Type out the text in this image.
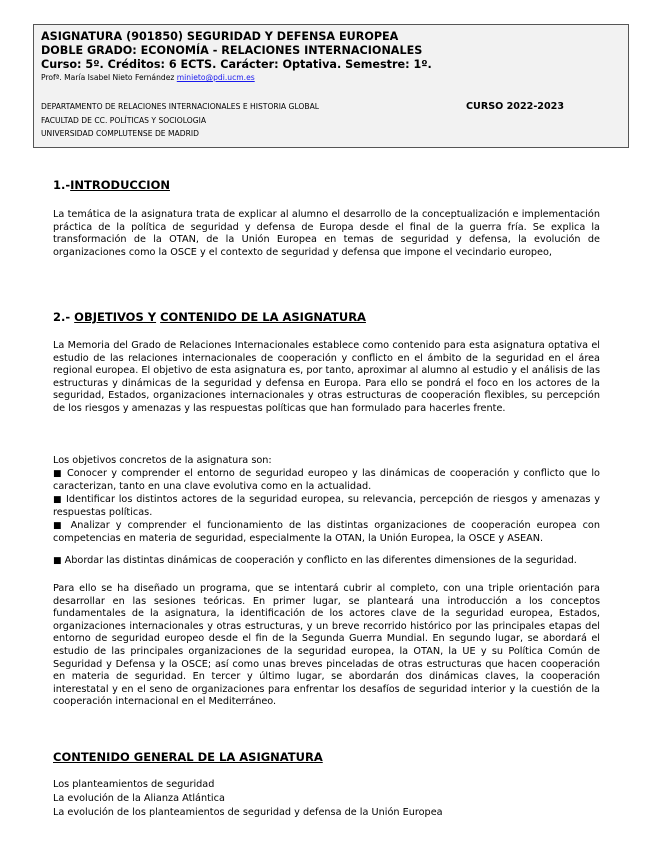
ASIGNATURA (901850) SEGURIDAD Y DEFENSA EUROPEA
DOBLE GRADO: ECONOMÍA - RELACIONES INTERNACIONALES
Curso: 5º. Créditos: 6 ECTS. Carácter: Optativa. Semestre: 1º.
Profª. María Isabel Nieto Fernández minieto@pdi.ucm.es
DEPARTAMENTO DE RELACIONES INTERNACIONALES E HISTORIA GLOBAL	CURSO 2022-2023
FACULTAD DE CC. POLÍTICAS Y SOCIOLOGIA
UNIVERSIDAD COMPLUTENSE DE MADRID
1.-INTRODUCCION

La temática de la asignatura trata de explicar al alumno el desarrollo de la conceptualización e implementación práctica de la política de seguridad y defensa de Europa desde el final de la guerra fría. Se explica la transformación de la OTAN, de la Unión Europea en temas de seguridad y defensa, la evolución de organizaciones como la OSCE y el contexto de seguridad y defensa que impone el vecindario europeo,

2.- OBJETIVOS Y CONTENIDO DE LA ASIGNATURA

La Memoria del Grado de Relaciones Internacionales establece como contenido para esta asignatura optativa el estudio de las relaciones internacionales de cooperación y conflicto en el ámbito de la seguridad en el área regional europea. El objetivo de esta asignatura es, por tanto, aproximar al alumno al estudio y el análisis de las estructuras y dinámicas de la seguridad y defensa en Europa. Para ello se pondrá el foco en los actores de la seguridad, Estados, organizaciones internacionales y otras estructuras de cooperación flexibles, su percepción de los riesgos y amenazas y las respuestas políticas que han formulado para hacerles frente.

Los objetivos concretos de la asignatura son:

■ Conocer y comprender el entorno de seguridad europeo y las dinámicas de cooperación y conflicto que lo caracterizan, tanto en una clave evolutiva como en la actualidad.

■ Identificar los distintos actores de la seguridad europea, su relevancia, percepción de riesgos y amenazas y respuestas políticas.

■ Analizar y comprender el funcionamiento de las distintas organizaciones de cooperación europea con competencias en materia de seguridad, especialmente la OTAN, la Unión Europea, la OSCE y ASEAN.

■ Abordar las distintas dinámicas de cooperación y conflicto en las diferentes dimensiones de la seguridad.

Para ello se ha diseñado un programa, que se intentará cubrir al completo, con una triple orientación para desarrollar en las sesiones teóricas. En primer lugar, se planteará una introducción a los conceptos fundamentales de la asignatura, la identificación de los actores clave de la seguridad europea, Estados, organizaciones internacionales y otras estructuras, y un breve recorrido histórico por las principales etapas del entorno de seguridad europeo desde el fin de la Segunda Guerra Mundial. En segundo lugar, se abordará el estudio de las principales organizaciones de la seguridad europea, la OTAN, la UE y su Política Común de Seguridad y Defensa y la OSCE; así como unas breves pinceladas de otras estructuras que hacen cooperación en materia de seguridad. En tercer y último lugar, se abordarán dos dinámicas claves, la cooperación interestatal y en el seno de organizaciones para enfrentar los desafíos de seguridad interior y la cuestión de la cooperación internacional en el Mediterráneo.

CONTENIDO GENERAL DE LA ASIGNATURA
Los planteamientos de seguridad
La evolución de la Alianza Atlántica
La evolución de los planteamientos de seguridad y defensa de la Unión Europea
